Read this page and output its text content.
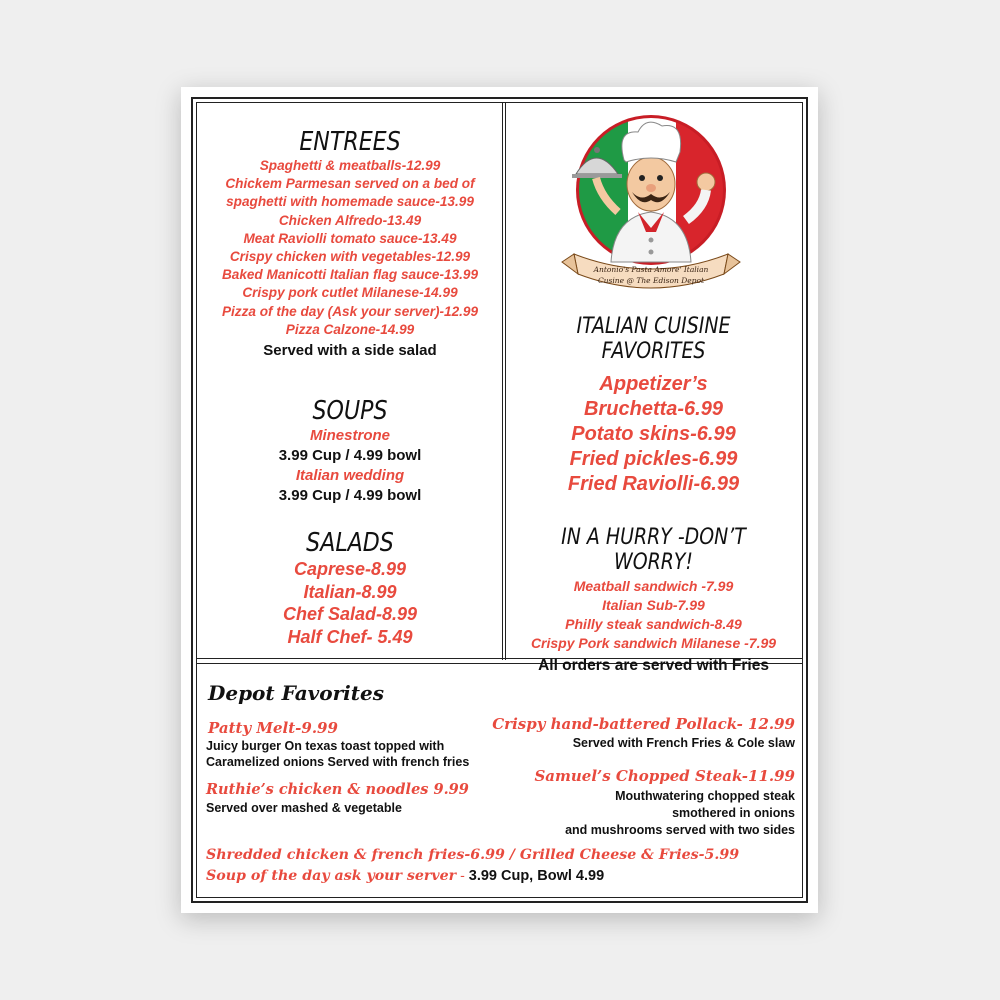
ENTREES
Spaghetti & meatballs-12.99
Chickem Parmesan served on a bed of
spaghetti with homemade sauce-13.99
Chicken Alfredo-13.49
Meat Raviolli tomato sauce-13.49
Crispy chicken with vegetables-12.99
Baked Manicotti Italian flag sauce-13.99
Crispy pork cutlet Milanese-14.99
Pizza of the day (Ask your server)-12.99
Pizza Calzone-14.99
Served with a side salad
SOUPS
Minestrone
3.99 Cup / 4.99 bowl
Italian wedding
3.99 Cup / 4.99 bowl
SALADS
Caprese-8.99
Italian-8.99
Chef Salad-8.99
Half Chef- 5.49
Antonio's Pasta Amore' Italian
Cusine @ The Edison Depot
ITALIAN CUISINE FAVORITES
Appetizer’s
Bruchetta-6.99
Potato skins-6.99
Fried pickles-6.99
Fried Raviolli-6.99
IN A HURRY -DON’T WORRY!
Meatball sandwich -7.99
Italian Sub-7.99
Philly steak sandwich-8.49
Crispy Pork sandwich Milanese -7.99
All orders are served with Fries
Depot Favorites
Patty Melt-9.99
Juicy burger On texas toast topped with
Caramelized onions Served with french fries
Ruthie’s chicken & noodles 9.99
Served over mashed & vegetable
Crispy hand-battered Pollack- 12.99
Served with French Fries & Cole slaw
Samuel’s Chopped Steak-11.99
Mouthwatering chopped steak
smothered in onions
and mushrooms served with two sides
Shredded chicken & french fries-6.99 / Grilled Cheese & Fries-5.99
Soup of the day ask your server - 3.99 Cup, Bowl 4.99
